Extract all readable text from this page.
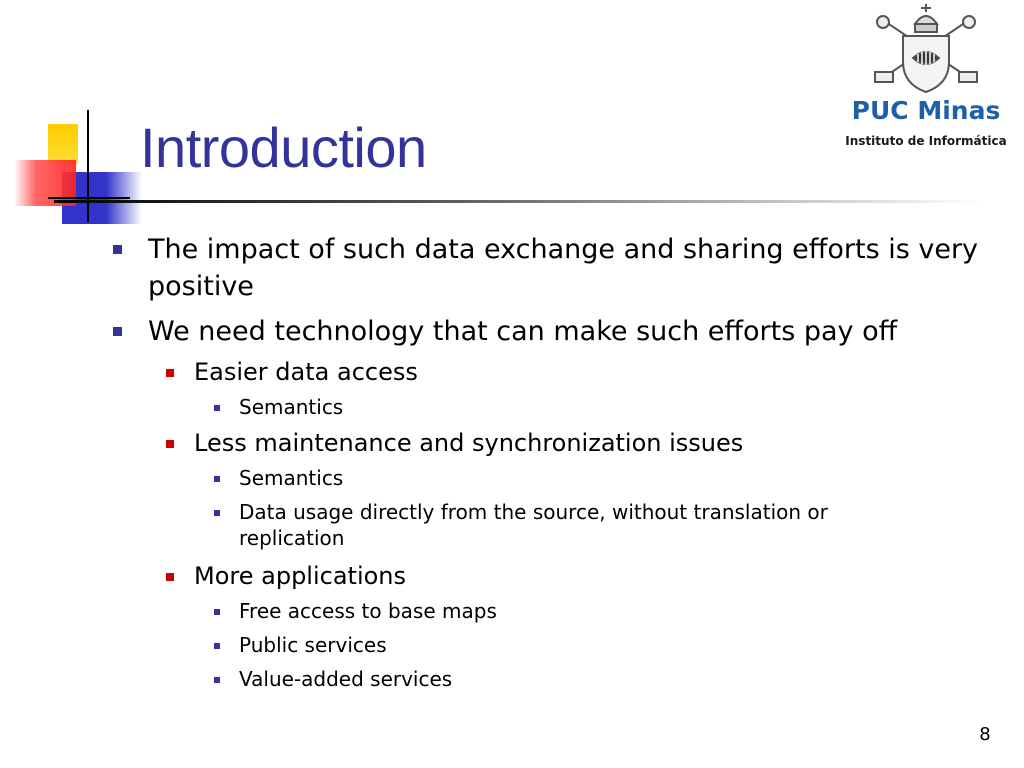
Introduction
PUC Minas
Instituto de Informática
The impact of such data exchange and sharing efforts is very positive
We need technology that can make such efforts pay off
Easier data access
Semantics
Less maintenance and synchronization issues
Semantics
Data usage directly from the source, without translation or replication
More applications
Free access to base maps
Public services
Value-added services
8
